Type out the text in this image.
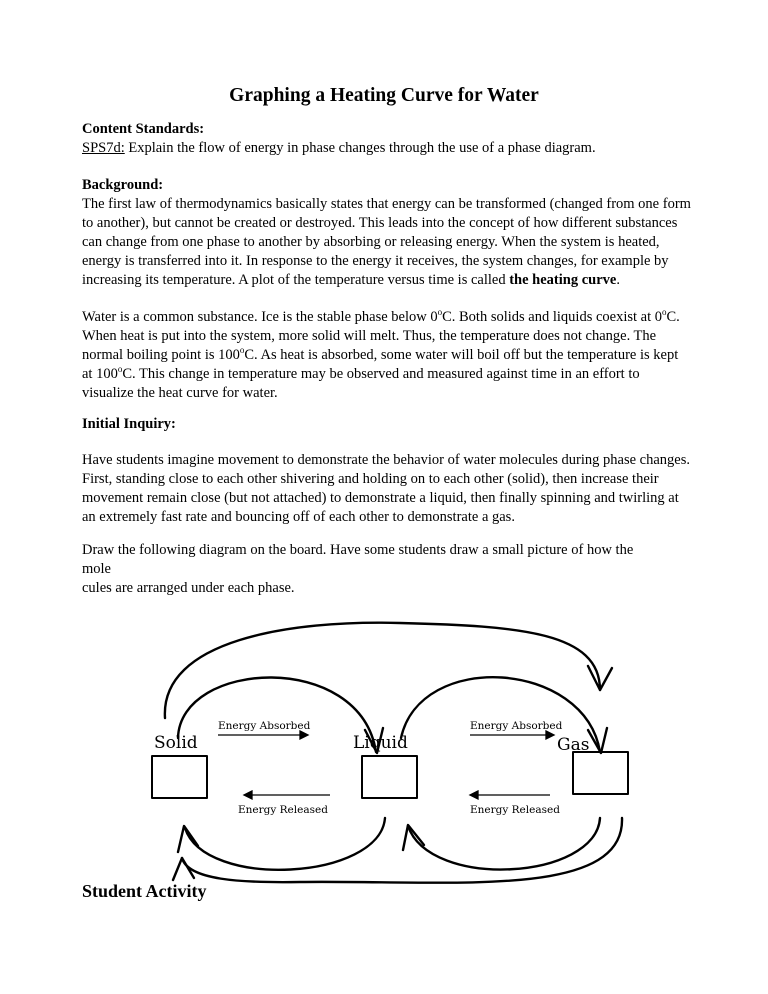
Graphing a Heating Curve for Water
Content Standards:
SPS7d: Explain the flow of energy in phase changes through the use of a phase diagram.
Background:
The first law of thermodynamics basically states that energy can be transformed (changed from one form to another), but cannot be created or destroyed. This leads into the concept of how different substances can change from one phase to another by absorbing or releasing energy. When the system is heated, energy is transferred into it. In response to the energy it receives, the system changes, for example by increasing its temperature. A plot of the temperature versus time is called the heating curve.
Water is a common substance. Ice is the stable phase below 0$^o$C. Both solids and liquids coexist at 0$^o$C. When heat is put into the system, more solid will melt. Thus, the temperature does not change. The normal boiling point is 100$^o$C. As heat is absorbed, some water will boil off but the temperature is kept at 100$^o$C. This change in temperature may be observed and measured against time in an effort to visualize the heat curve for water.
Initial Inquiry:
Have students imagine movement to demonstrate the behavior of water molecules during phase changes. First, standing close to each other shivering and holding on to each other (solid), then increase their movement remain close (but not attached) to demonstrate a liquid, then finally spinning and twirling at an extremely fast rate and bouncing off of each other to demonstrate a gas.
Draw the following diagram on the board. Have some students draw a small picture of how the
mole
cules are arranged under each phase.
Solid	Liquid	Gas
Energy Absorbed	Energy Absorbed
Energy Released	Energy Released
Student Activity
